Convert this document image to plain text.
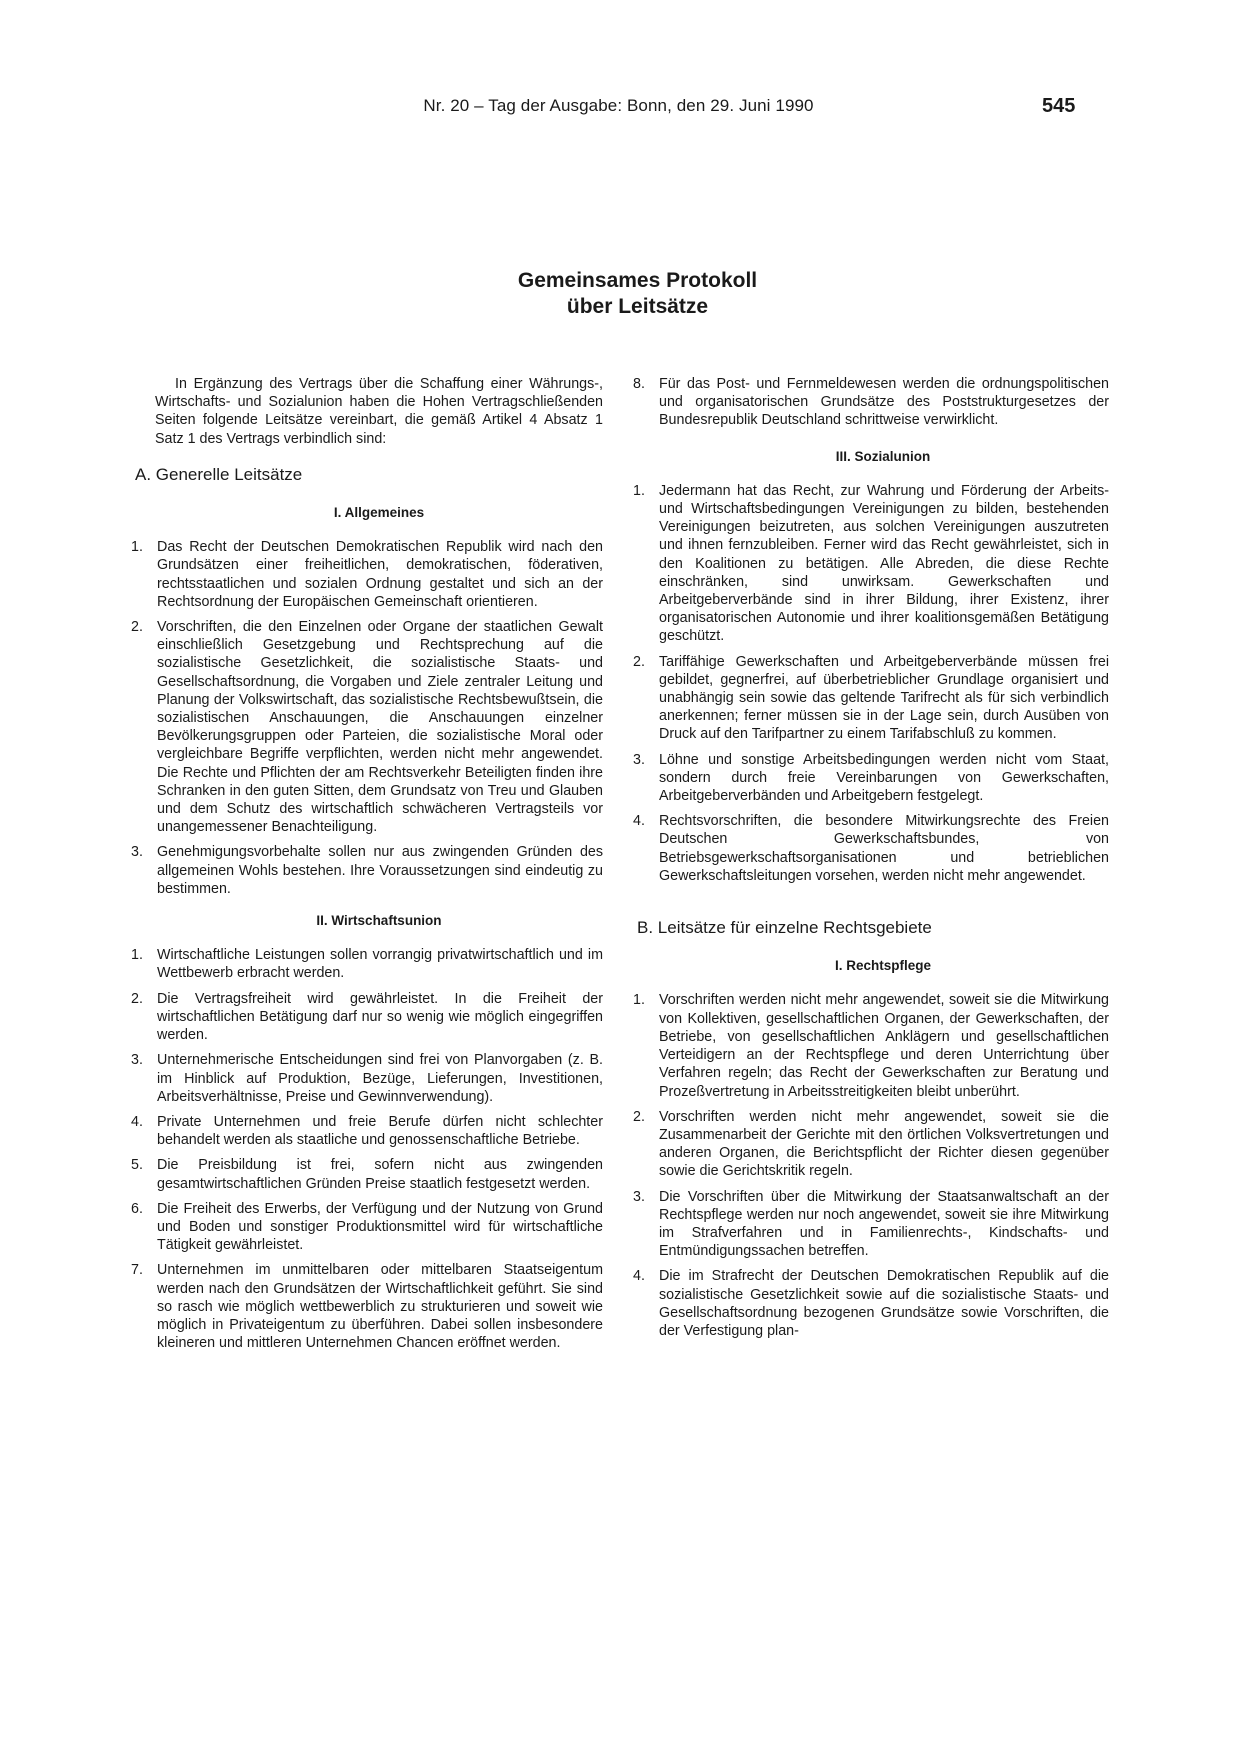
Nr. 20 – Tag der Ausgabe: Bonn, den 29. Juni 1990	545
Gemeinsames Protokoll
über Leitsätze

In Ergänzung des Vertrags über die Schaffung einer Währungs-, Wirtschafts- und Sozialunion haben die Hohen Vertragschließenden Seiten folgende Leitsätze vereinbart, die gemäß Artikel 4 Absatz 1 Satz 1 des Vertrags verbindlich sind:

A. Generelle Leitsätze
I. Allgemeines
1. Das Recht der Deutschen Demokratischen Republik wird nach den Grundsätzen einer freiheitlichen, demokratischen, föderativen, rechtsstaatlichen und sozialen Ordnung gestaltet und sich an der Rechtsordnung der Europäischen Gemeinschaft orientieren.
2. Vorschriften, die den Einzelnen oder Organe der staatlichen Gewalt einschließlich Gesetzgebung und Rechtsprechung auf die sozialistische Gesetzlichkeit, die sozialistische Staats- und Gesellschaftsordnung, die Vorgaben und Ziele zentraler Leitung und Planung der Volkswirtschaft, das sozialistische Rechtsbewußtsein, die sozialistischen Anschauungen, die Anschauungen einzelner Bevölkerungsgruppen oder Parteien, die sozialistische Moral oder vergleichbare Begriffe verpflichten, werden nicht mehr angewendet. Die Rechte und Pflichten der am Rechtsverkehr Beteiligten finden ihre Schranken in den guten Sitten, dem Grundsatz von Treu und Glauben und dem Schutz des wirtschaftlich schwächeren Vertragsteils vor unangemessener Benachteiligung.
3. Genehmigungsvorbehalte sollen nur aus zwingenden Gründen des allgemeinen Wohls bestehen. Ihre Voraussetzungen sind eindeutig zu bestimmen.
II. Wirtschaftsunion
1. Wirtschaftliche Leistungen sollen vorrangig privatwirtschaftlich und im Wettbewerb erbracht werden.
2. Die Vertragsfreiheit wird gewährleistet. In die Freiheit der wirtschaftlichen Betätigung darf nur so wenig wie möglich eingegriffen werden.
3. Unternehmerische Entscheidungen sind frei von Planvorgaben (z. B. im Hinblick auf Produktion, Bezüge, Lieferungen, Investitionen, Arbeitsverhältnisse, Preise und Gewinnverwendung).
4. Private Unternehmen und freie Berufe dürfen nicht schlechter behandelt werden als staatliche und genossenschaftliche Betriebe.
5. Die Preisbildung ist frei, sofern nicht aus zwingenden gesamtwirtschaftlichen Gründen Preise staatlich festgesetzt werden.
6. Die Freiheit des Erwerbs, der Verfügung und der Nutzung von Grund und Boden und sonstiger Produktionsmittel wird für wirtschaftliche Tätigkeit gewährleistet.
7. Unternehmen im unmittelbaren oder mittelbaren Staatseigentum werden nach den Grundsätzen der Wirtschaftlichkeit geführt. Sie sind so rasch wie möglich wettbewerblich zu strukturieren und soweit wie möglich in Privateigentum zu überführen. Dabei sollen insbesondere kleineren und mittleren Unternehmen Chancen eröffnet werden.
8. Für das Post- und Fernmeldewesen werden die ordnungspolitischen und organisatorischen Grundsätze des Poststrukturgesetzes der Bundesrepublik Deutschland schrittweise verwirklicht.
III. Sozialunion
1. Jedermann hat das Recht, zur Wahrung und Förderung der Arbeits- und Wirtschaftsbedingungen Vereinigungen zu bilden, bestehenden Vereinigungen beizutreten, aus solchen Vereinigungen auszutreten und ihnen fernzubleiben. Ferner wird das Recht gewährleistet, sich in den Koalitionen zu betätigen. Alle Abreden, die diese Rechte einschränken, sind unwirksam. Gewerkschaften und Arbeitgeberverbände sind in ihrer Bildung, ihrer Existenz, ihrer organisatorischen Autonomie und ihrer koalitionsgemäßen Betätigung geschützt.
2. Tariffähige Gewerkschaften und Arbeitgeberverbände müssen frei gebildet, gegnerfrei, auf überbetrieblicher Grundlage organisiert und unabhängig sein sowie das geltende Tarifrecht als für sich verbindlich anerkennen; ferner müssen sie in der Lage sein, durch Ausüben von Druck auf den Tarifpartner zu einem Tarifabschluß zu kommen.
3. Löhne und sonstige Arbeitsbedingungen werden nicht vom Staat, sondern durch freie Vereinbarungen von Gewerkschaften, Arbeitgeberverbänden und Arbeitgebern festgelegt.
4. Rechtsvorschriften, die besondere Mitwirkungsrechte des Freien Deutschen Gewerkschaftsbundes, von Betriebsgewerkschaftsorganisationen und betrieblichen Gewerkschaftsleitungen vorsehen, werden nicht mehr angewendet.
B. Leitsätze für einzelne Rechtsgebiete
I. Rechtspflege
1. Vorschriften werden nicht mehr angewendet, soweit sie die Mitwirkung von Kollektiven, gesellschaftlichen Organen, der Gewerkschaften, der Betriebe, von gesellschaftlichen Anklägern und gesellschaftlichen Verteidigern an der Rechtspflege und deren Unterrichtung über Verfahren regeln; das Recht der Gewerkschaften zur Beratung und Prozeßvertretung in Arbeitsstreitigkeiten bleibt unberührt.
2. Vorschriften werden nicht mehr angewendet, soweit sie die Zusammenarbeit der Gerichte mit den örtlichen Volksvertretungen und anderen Organen, die Berichtspflicht der Richter diesen gegenüber sowie die Gerichtskritik regeln.
3. Die Vorschriften über die Mitwirkung der Staatsanwaltschaft an der Rechtspflege werden nur noch angewendet, soweit sie ihre Mitwirkung im Strafverfahren und in Familienrechts-, Kindschafts- und Entmündigungssachen betreffen.
4. Die im Strafrecht der Deutschen Demokratischen Republik auf die sozialistische Gesetzlichkeit sowie auf die sozialistische Staats- und Gesellschaftsordnung bezogenen Grundsätze sowie Vorschriften, die der Verfestigung plan-
